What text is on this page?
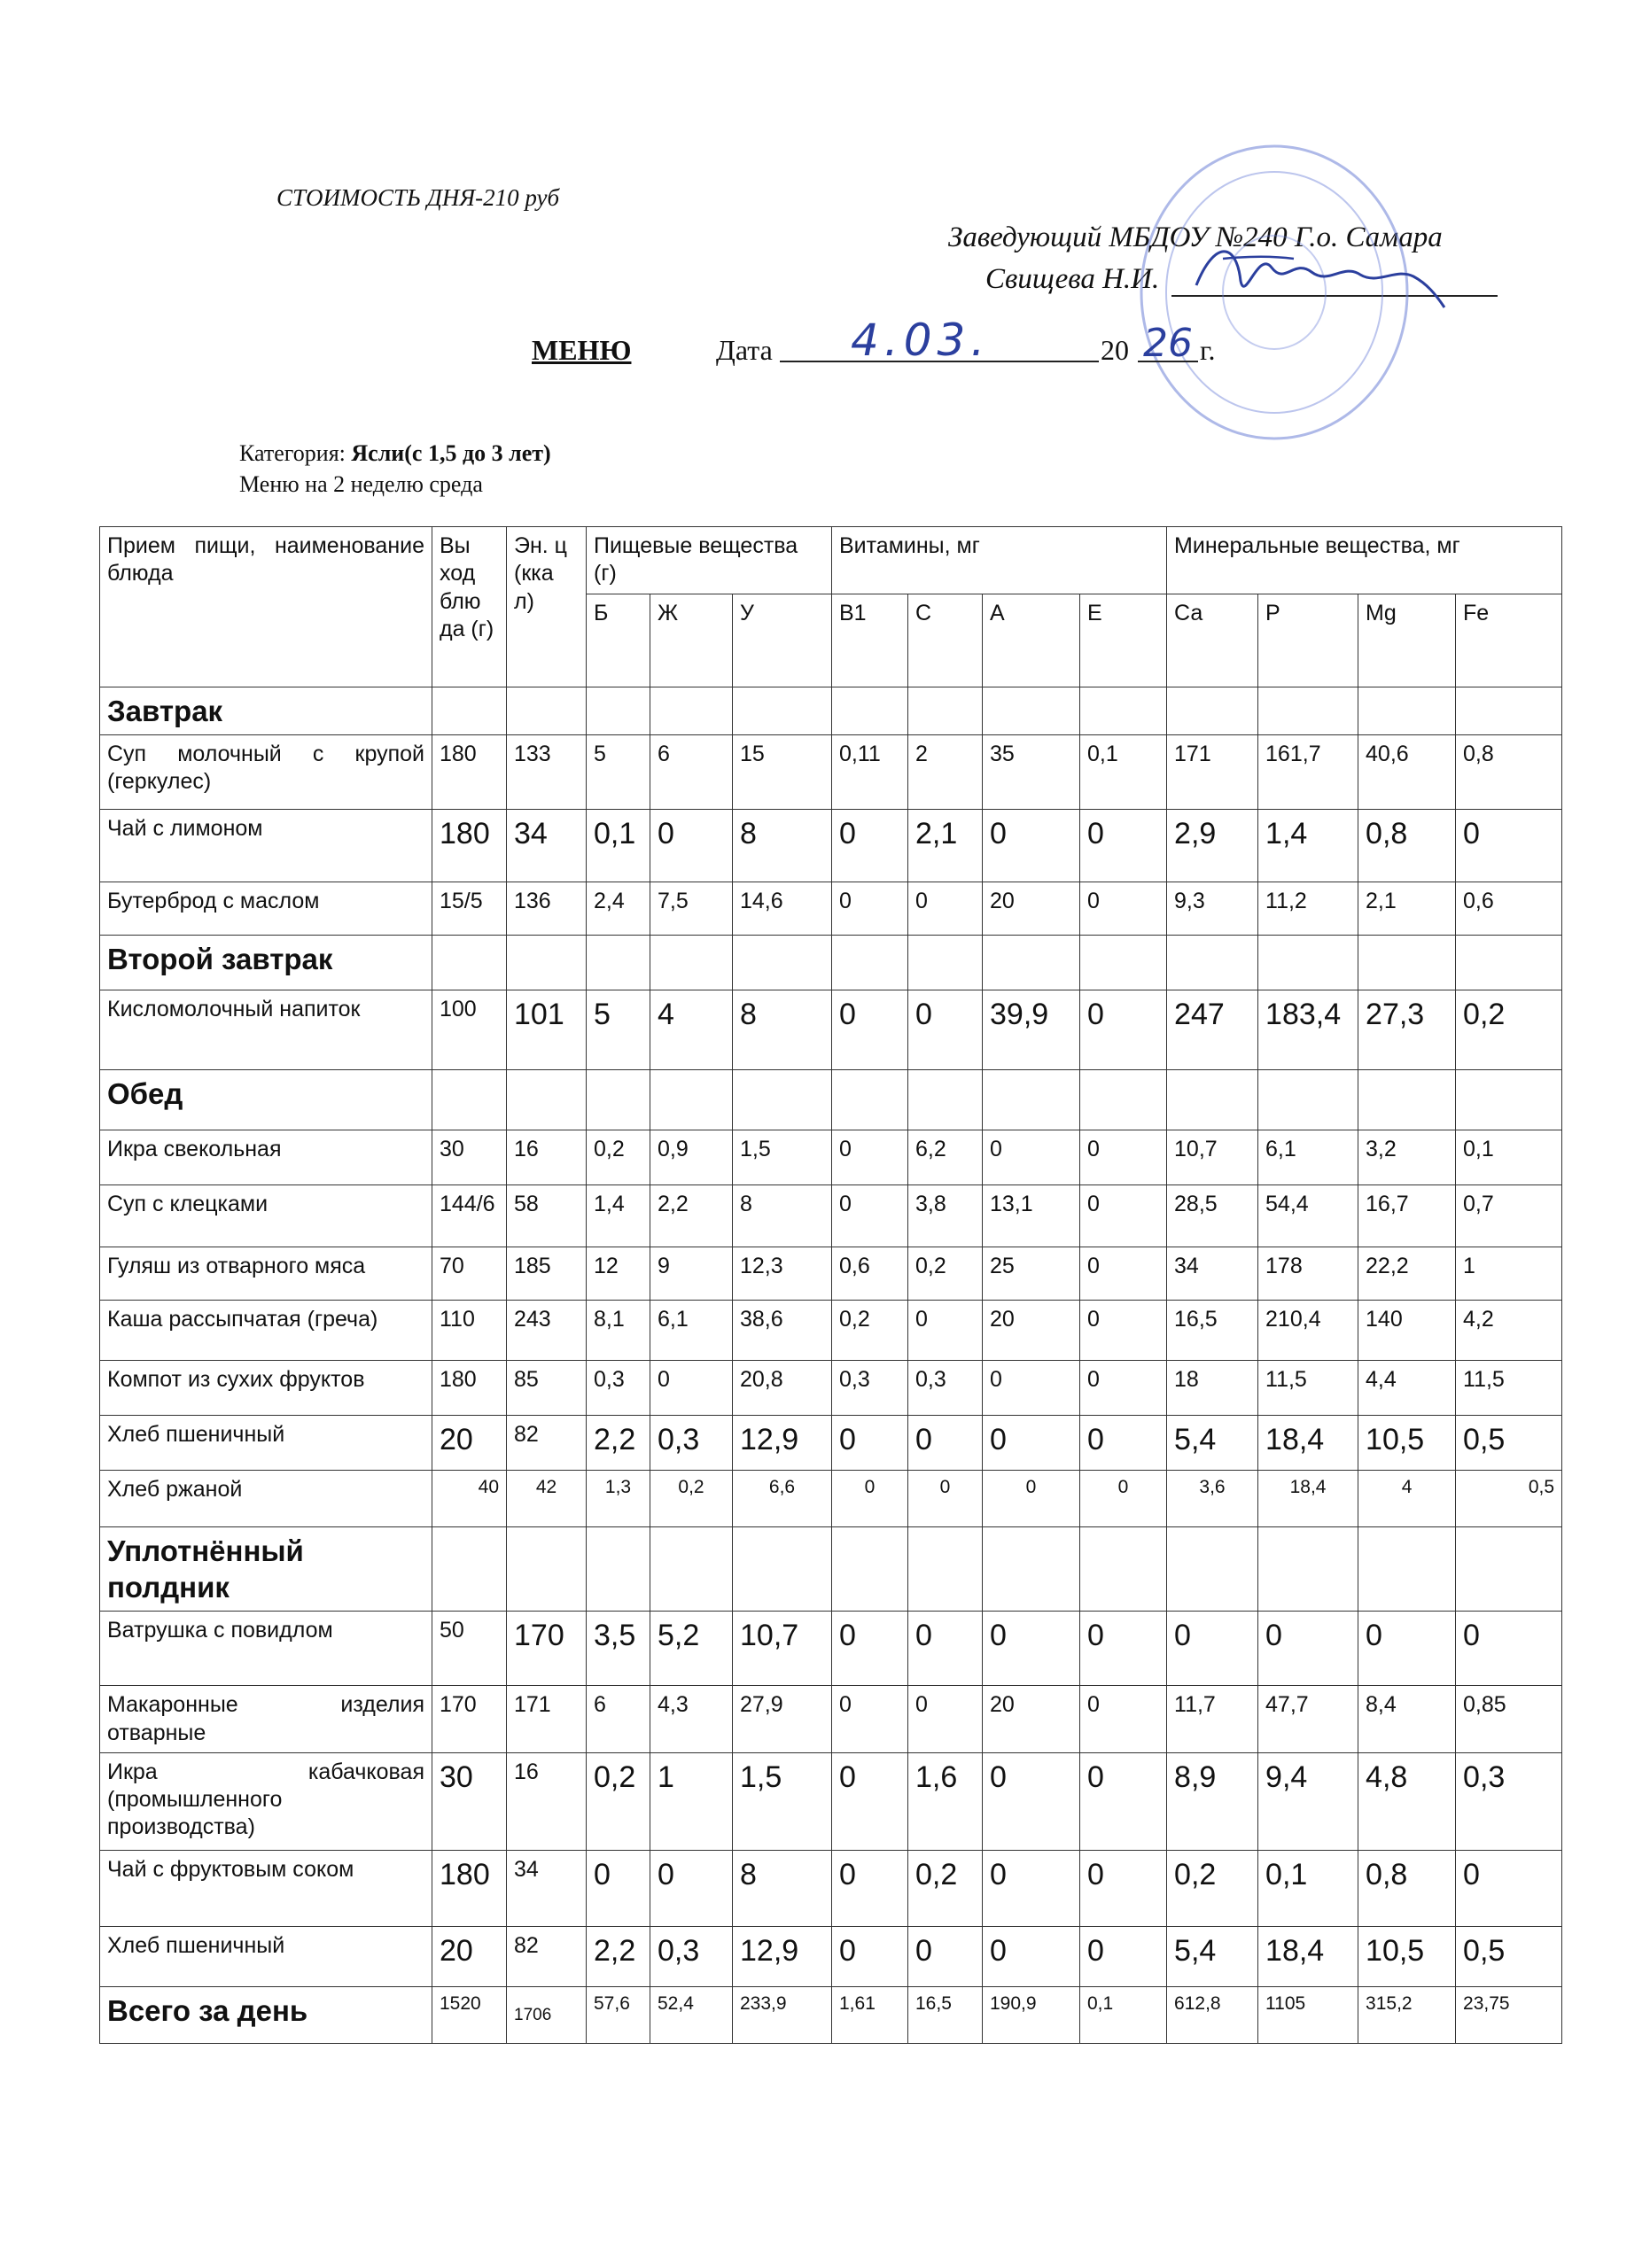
СТОИМОСТЬ ДНЯ-210 руб
Заведующий МБДОУ №240 Г.о. Самара
Свищева Н.И.
МЕНЮ	Дата 4.03.	20 26 г.
Категория: Ясли(с 1,5 до 3 лет)
Меню на 2 неделю среда
Прием пищи, наименование блюда	Вы ход блю да (г)	Эн. ц (кка л)	Пищевые вещества (г)			Витамины, мг				Минеральные вещества, мг			
			Б	Ж	У	В1	С	А	Е	Са	Р	Mg	Fe
Завтрак													
Суп молочный с крупой (геркулес)	180	133	5	6	15	0,11	2	35	0,1	171	161,7	40,6	0,8
Чай с лимоном	180	34	0,1	0	8	0	2,1	0	0	2,9	1,4	0,8	0
Бутерброд с маслом	15/5	136	2,4	7,5	14,6	0	0	20	0	9,3	11,2	2,1	0,6
Второй завтрак													
Кисломолочный напиток	100	101	5	4	8	0	0	39,9	0	247	183,4	27,3	0,2
Обед													
Икра свекольная	30	16	0,2	0,9	1,5	0	6,2	0	0	10,7	6,1	3,2	0,1
Суп с клецками	144/6	58	1,4	2,2	8	0	3,8	13,1	0	28,5	54,4	16,7	0,7
Гуляш из отварного мяса	70	185	12	9	12,3	0,6	0,2	25	0	34	178	22,2	1
Каша рассыпчатая (греча)	110	243	8,1	6,1	38,6	0,2	0	20	0	16,5	210,4	140	4,2
Компот из сухих фруктов	180	85	0,3	0	20,8	0,3	0,3	0	0	18	11,5	4,4	11,5
Хлеб пшеничный	20	82	2,2	0,3	12,9	0	0	0	0	5,4	18,4	10,5	0,5
Хлеб ржаной	40	42	1,3	0,2	6,6	0	0	0	0	3,6	18,4	4	0,5
Уплотнённый полдник													
Ватрушка с повидлом	50	170	3,5	5,2	10,7	0	0	0	0	0	0	0	0
Макаронные изделия отварные	170	171	6	4,3	27,9	0	0	20	0	11,7	47,7	8,4	0,85
Икра кабачковая (промышленного производства)	30	16	0,2	1	1,5	0	1,6	0	0	8,9	9,4	4,8	0,3
Чай с фруктовым соком	180	34	0	0	8	0	0,2	0	0	0,2	0,1	0,8	0
Хлеб пшеничный	20	82	2,2	0,3	12,9	0	0	0	0	5,4	18,4	10,5	0,5
Всего за день	1520	1706	57,6	52,4	233,9	1,61	16,5	190,9	0,1	612,8	1105	315,2	23,75
